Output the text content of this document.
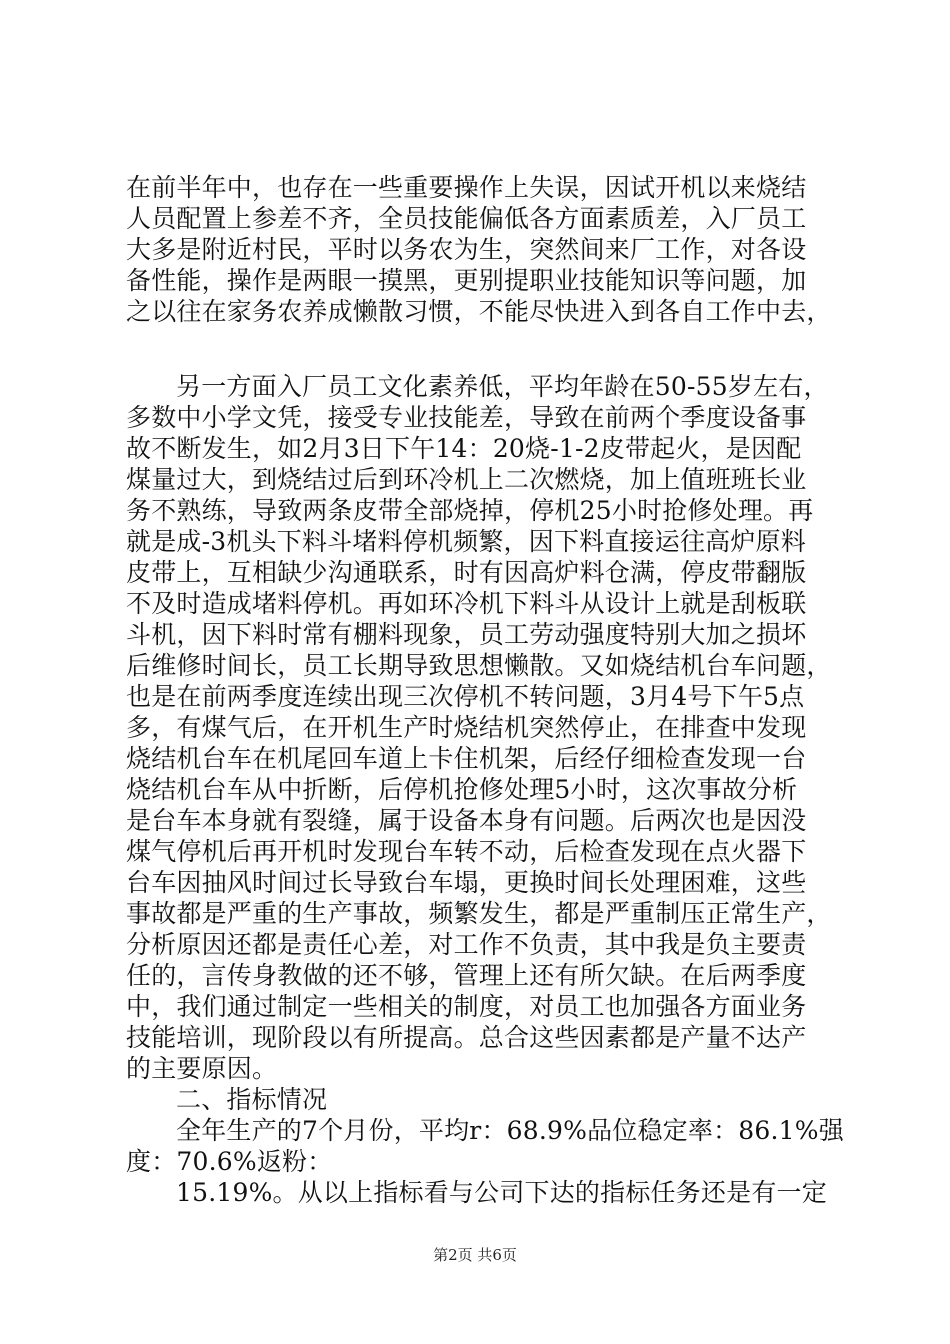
在前半年中，也存在一些重要操作上失误，因试开机以来烧结
人员配置上参差不齐，全员技能偏低各方面素质差，入厂员工
大多是附近村民，平时以务农为生，突然间来厂工作，对各设
备性能，操作是两眼一摸黑，更别提职业技能知识等问题，加
之以往在家务农养成懒散习惯，不能尽快进入到各自工作中去，
另一方面入厂员工文化素养低，平均年龄在50-55岁左右，
多数中小学文凭，接受专业技能差，导致在前两个季度设备事
故不断发生，如2月3日下午14：20烧-1-2皮带起火，是因配
煤量过大，到烧结过后到环冷机上二次燃烧，加上值班班长业
务不熟练，导致两条皮带全部烧掉，停机25小时抢修处理。再
就是成-3机头下料斗堵料停机频繁，因下料直接运往高炉原料
皮带上，互相缺少沟通联系，时有因高炉料仓满，停皮带翻版
不及时造成堵料停机。再如环冷机下料斗从设计上就是刮板联
斗机，因下料时常有棚料现象，员工劳动强度特别大加之损坏
后维修时间长，员工长期导致思想懒散。又如烧结机台车问题，
也是在前两季度连续出现三次停机不转问题，3月4号下午5点
多，有煤气后，在开机生产时烧结机突然停止，在排查中发现
烧结机台车在机尾回车道上卡住机架，后经仔细检查发现一台
烧结机台车从中折断，后停机抢修处理5小时，这次事故分析
是台车本身就有裂缝，属于设备本身有问题。后两次也是因没
煤气停机后再开机时发现台车转不动，后检查发现在点火器下
台车因抽风时间过长导致台车塌，更换时间长处理困难，这些
事故都是严重的生产事故，频繁发生，都是严重制压正常生产，
分析原因还都是责任心差，对工作不负责，其中我是负主要责
任的，言传身教做的还不够，管理上还有所欠缺。在后两季度
中，我们通过制定一些相关的制度，对员工也加强各方面业务
技能培训，现阶段以有所提高。总合这些因素都是产量不达产
的主要原因。
二、指标情况
全年生产的7个月份，平均r：68.9%品位稳定率：86.1%强
度：70.6%返粉：
15.19%。从以上指标看与公司下达的指标任务还是有一定
第2页 共6页
